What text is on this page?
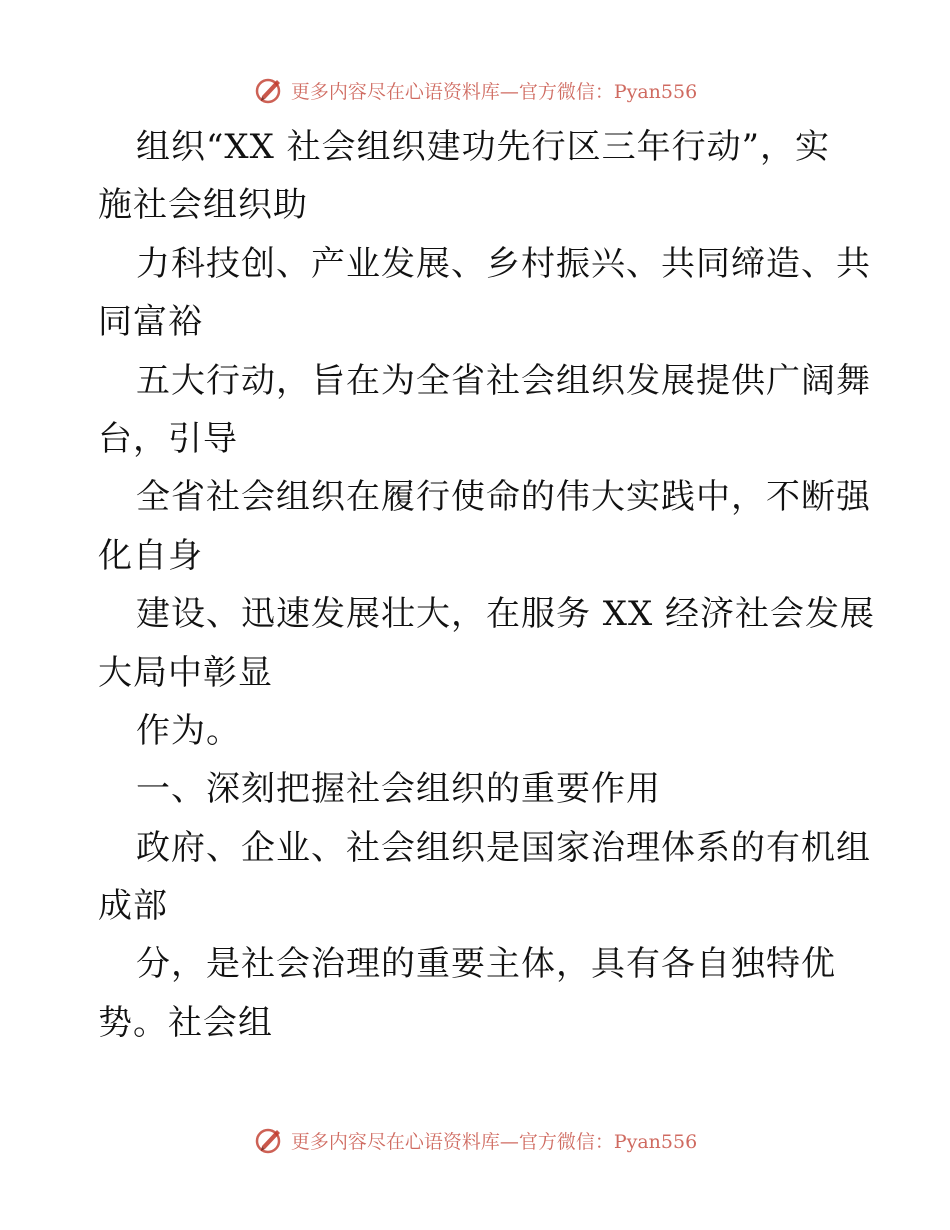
更多内容尽在心语资料库—官方微信：Pyan556
组织“XX 社会组织建功先行区三年行动”，实
施社会组织助
力科技创、产业发展、乡村振兴、共同缔造、共
同富裕
五大行动，旨在为全省社会组织发展提供广阔舞
台，引导
全省社会组织在履行使命的伟大实践中，不断强
化自身
建设、迅速发展壮大，在服务 XX 经济社会发展
大局中彰显
作为。
一、深刻把握社会组织的重要作用
政府、企业、社会组织是国家治理体系的有机组
成部
分，是社会治理的重要主体，具有各自独特优
势。社会组
更多内容尽在心语资料库—官方微信：Pyan556
